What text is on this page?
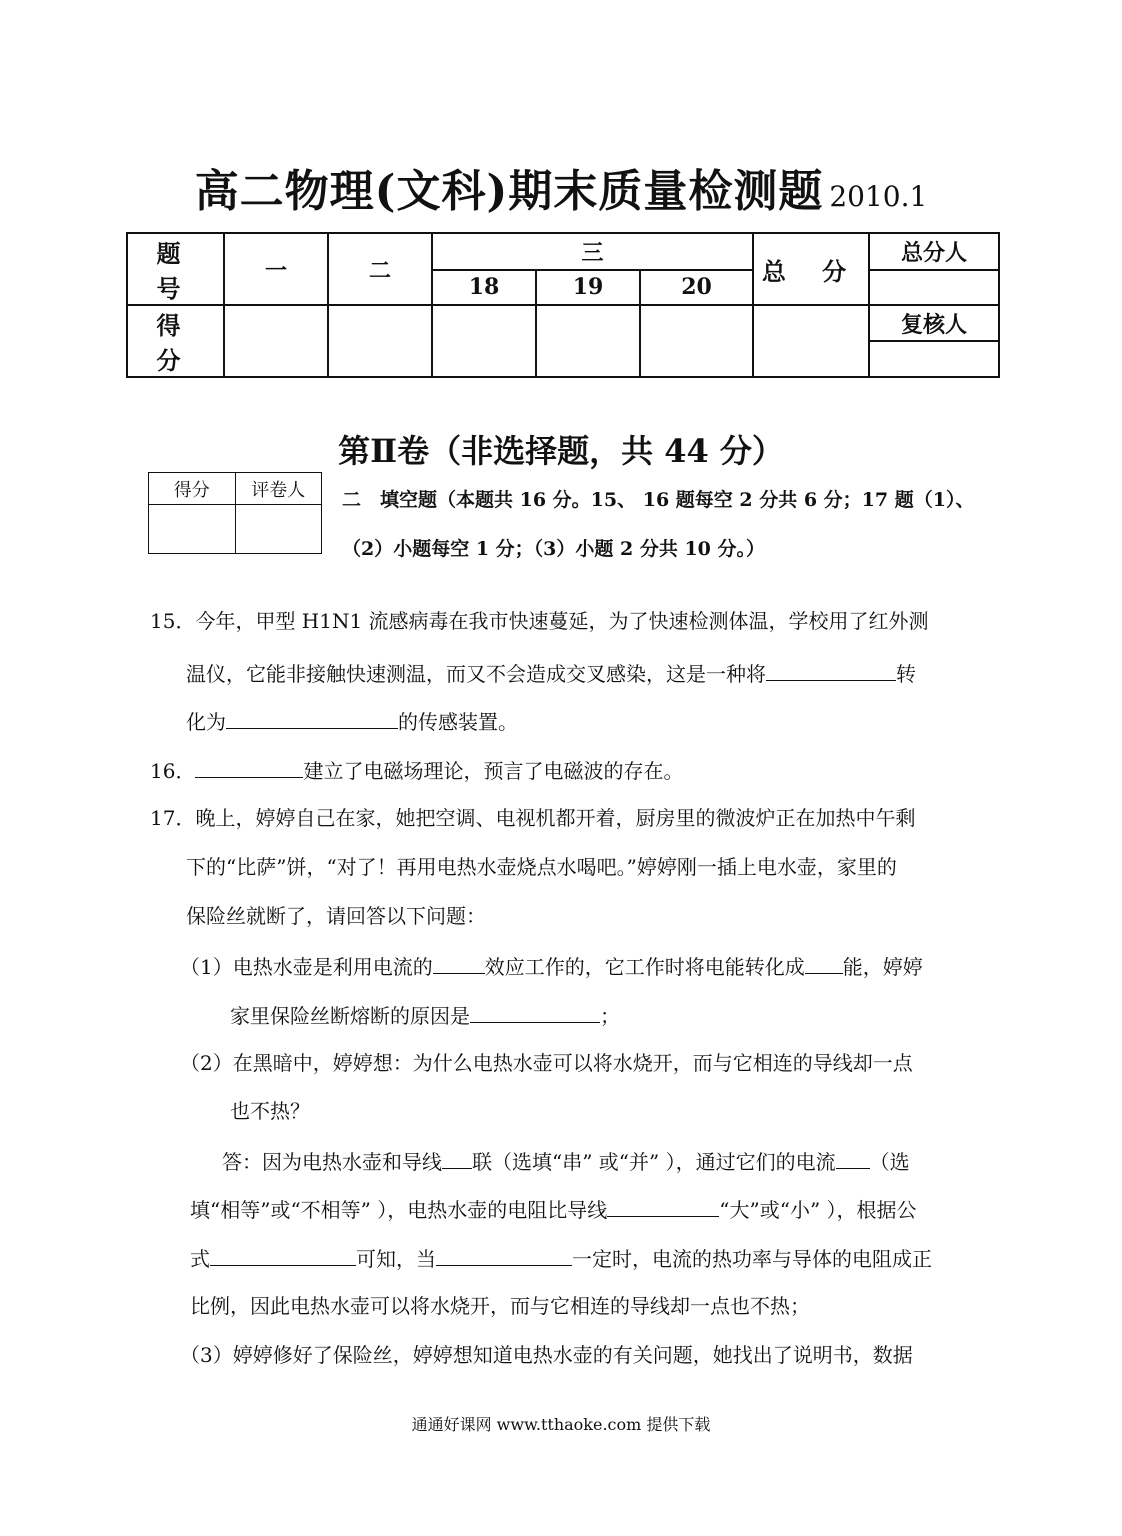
高二物理(文科)期末质量检测题 2010.1
题 号	一	二	三			总 分	总分人
			18	19	20		
得 分							复核人

第Ⅱ卷（非选择题，共 44 分）
得分	评卷人
	二　填空题（本题共 16 分。15、 16 题每空 2 分共 6 分；17 题（1）、
（2）小题每空 1 分；（3）小题 2 分共 10 分。）
15．今年，甲型 H1N1 流感病毒在我市快速蔓延，为了快速检测体温，学校用了红外测
温仪，它能非接触快速测温，而又不会造成交叉感染，这是一种将	转
化为	的传感装置。
16．	建立了电磁场理论，预言了电磁波的存在。
17．晚上，婷婷自己在家，她把空调、电视机都开着，厨房里的微波炉正在加热中午剩
下的“比萨”饼，“对了！再用电热水壶烧点水喝吧。”婷婷刚一插上电水壶，家里的
保险丝就断了，请回答以下问题：
（1）电热水壶是利用电流的	效应工作的，它工作时将电能转化成 能，婷婷
家里保险丝断熔断的原因是	；
（2）在黑暗中，婷婷想：为什么电热水壶可以将水烧开，而与它相连的导线却一点
也不热？
答：因为电热水壶和导线 联（选填“串” 或“并” ），通过它们的电流 （选
填“相等”或“不相等” ），电热水壶的电阻比导线	“大”或“小” ），根据公
式	可知，当	一定时，电流的热功率与导体的电阻成正
比例，因此电热水壶可以将水烧开，而与它相连的导线却一点也不热；
（3）婷婷修好了保险丝，婷婷想知道电热水壶的有关问题，她找出了说明书，数据
通通好课网 www.tthaoke.com 提供下载
